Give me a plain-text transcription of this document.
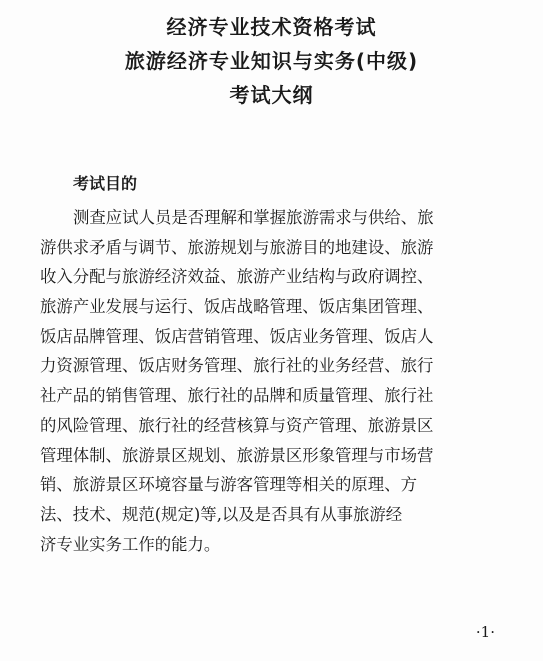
经济专业技术资格考试
旅游经济专业知识与实务(中级)
考试大纲
考试目的
测查应试人员是否理解和掌握旅游需求与供给、旅
游供求矛盾与调节、旅游规划与旅游目的地建设、旅游
收入分配与旅游经济效益、旅游产业结构与政府调控、
旅游产业发展与运行、饭店战略管理、饭店集团管理、
饭店品牌管理、饭店营销管理、饭店业务管理、饭店人
力资源管理、饭店财务管理、旅行社的业务经营、旅行
社产品的销售管理、旅行社的品牌和质量管理、旅行社
的风险管理、旅行社的经营核算与资产管理、旅游景区
管理体制、旅游景区规划、旅游景区形象管理与市场营
销、旅游景区环境容量与游客管理等相关的原理、方
法、技术、规范(规定)等,以及是否具有从事旅游经
济专业实务工作的能力。
·1·
